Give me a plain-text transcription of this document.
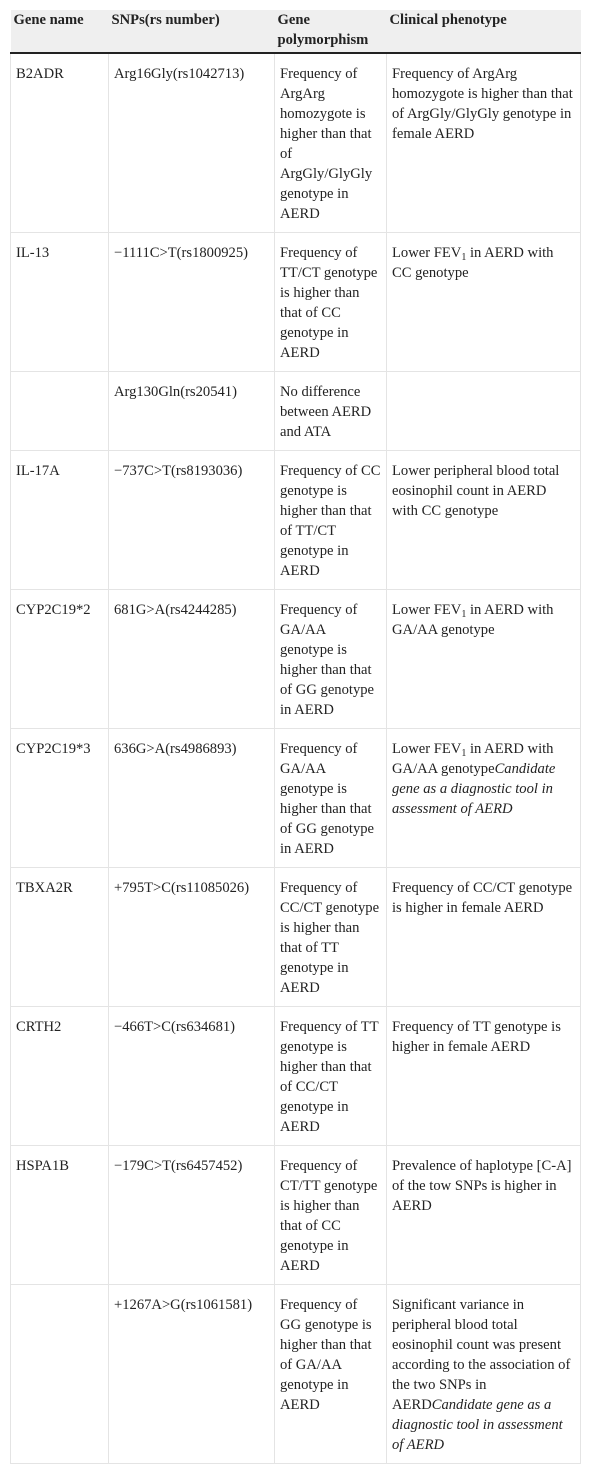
Gene name	SNPs(rs number)	Gene polymorphism	Clinical phenotype
B2ADR	Arg16Gly(rs1042713)	Frequency of ArgArg homozygote is higher than that of ArgGly/GlyGly genotype in AERD	Frequency of ArgArg homozygote is higher than that of ArgGly/GlyGly genotype in female AERD
IL-13	−1111C>T(rs1800925)	Frequency of TT/CT genotype is higher than that of CC genotype in AERD	Lower $FEV_1$ in AERD with CC genotype
	Arg130Gln(rs20541)	No difference between AERD and ATA	
IL-17A	−737C>T(rs8193036)	Frequency of CC genotype is higher than that of TT/CT genotype in AERD	Lower peripheral blood total eosinophil count in AERD with CC genotype
CYP2C19*2	681G>A(rs4244285)	Frequency of GA/AA genotype is higher than that of GG genotype in AERD	Lower $FEV_1$ in AERD with GA/AA genotype
CYP2C19*3	636G>A(rs4986893)	Frequency of GA/AA genotype is higher than that of GG genotype in AERD	Lower $FEV_1$ in AERD with GA/AA genotypeCandidate gene as a diagnostic tool in assessment of AERD
TBXA2R	+795T>C(rs11085026)	Frequency of CC/CT genotype is higher than that of TT genotype in AERD	Frequency of CC/CT genotype is higher in female AERD
CRTH2	−466T>C(rs634681)	Frequency of TT genotype is higher than that of CC/CT genotype in AERD	Frequency of TT genotype is higher in female AERD
HSPA1B	−179C>T(rs6457452)	Frequency of CT/TT genotype is higher than that of CC genotype in AERD	Prevalence of haplotype [C-A] of the tow SNPs is higher in AERD
	+1267A>G(rs1061581)	Frequency of GG genotype is higher than that of GA/AA genotype in AERD	Significant variance in peripheral blood total eosinophil count was present according to the association of the two SNPs in AERDCandidate gene as a diagnostic tool in assessment of AERD
